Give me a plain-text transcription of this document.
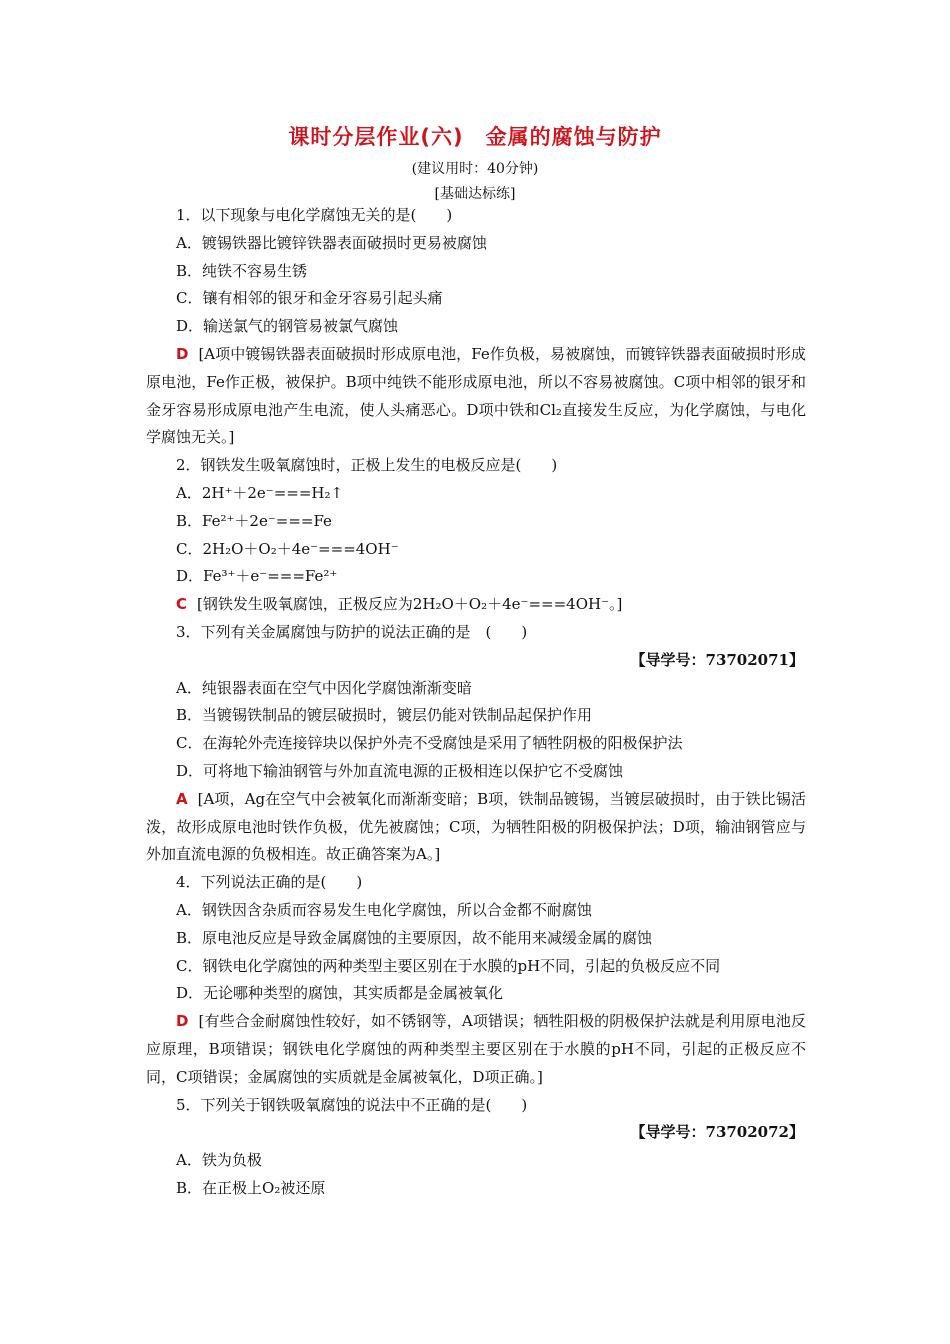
课时分层作业(六)　金属的腐蚀与防护
(建议用时：40分钟)
[基础达标练]
1．以下现象与电化学腐蚀无关的是(　　)
A．镀锡铁器比镀锌铁器表面破损时更易被腐蚀
B．纯铁不容易生锈
C．镶有相邻的银牙和金牙容易引起头痛
D．输送氯气的钢管易被氯气腐蚀
D [A项中镀锡铁器表面破损时形成原电池，Fe作负极，易被腐蚀，而镀锌铁器表面破损时形成原电池，Fe作正极，被保护。B项中纯铁不能形成原电池，所以不容易被腐蚀。C项中相邻的银牙和金牙容易形成原电池产生电流，使人头痛恶心。D项中铁和Cl₂直接发生反应，为化学腐蚀，与电化学腐蚀无关。]
2．钢铁发生吸氧腐蚀时，正极上发生的电极反应是(　　)
A．2H⁺＋2e⁻===H₂↑
B．Fe²⁺＋2e⁻===Fe
C．2H₂O＋O₂＋4e⁻===4OH⁻
D．Fe³⁺＋e⁻===Fe²⁺
C [钢铁发生吸氧腐蚀，正极反应为2H₂O＋O₂＋4e⁻===4OH⁻。]
3．下列有关金属腐蚀与防护的说法正确的是　(　　)
【导学号：73702071】
A．纯银器表面在空气中因化学腐蚀渐渐变暗
B．当镀锡铁制品的镀层破损时，镀层仍能对铁制品起保护作用
C．在海轮外壳连接锌块以保护外壳不受腐蚀是采用了牺牲阴极的阳极保护法
D．可将地下输油钢管与外加直流电源的正极相连以保护它不受腐蚀
A [A项，Ag在空气中会被氧化而渐渐变暗；B项，铁制品镀锡，当镀层破损时，由于铁比锡活泼，故形成原电池时铁作负极，优先被腐蚀；C项，为牺牲阳极的阴极保护法；D项，输油钢管应与外加直流电源的负极相连。故正确答案为A。]
4．下列说法正确的是(　　)
A．钢铁因含杂质而容易发生电化学腐蚀，所以合金都不耐腐蚀
B．原电池反应是导致金属腐蚀的主要原因，故不能用来减缓金属的腐蚀
C．钢铁电化学腐蚀的两种类型主要区别在于水膜的pH不同，引起的负极反应不同
D．无论哪种类型的腐蚀，其实质都是金属被氧化
D [有些合金耐腐蚀性较好，如不锈钢等，A项错误；牺牲阳极的阴极保护法就是利用原电池反应原理，B项错误；钢铁电化学腐蚀的两种类型主要区别在于水膜的pH不同，引起的正极反应不同，C项错误；金属腐蚀的实质就是金属被氧化，D项正确。]
5．下列关于钢铁吸氧腐蚀的说法中不正确的是(　　)
【导学号：73702072】
A．铁为负极
B．在正极上O₂被还原
